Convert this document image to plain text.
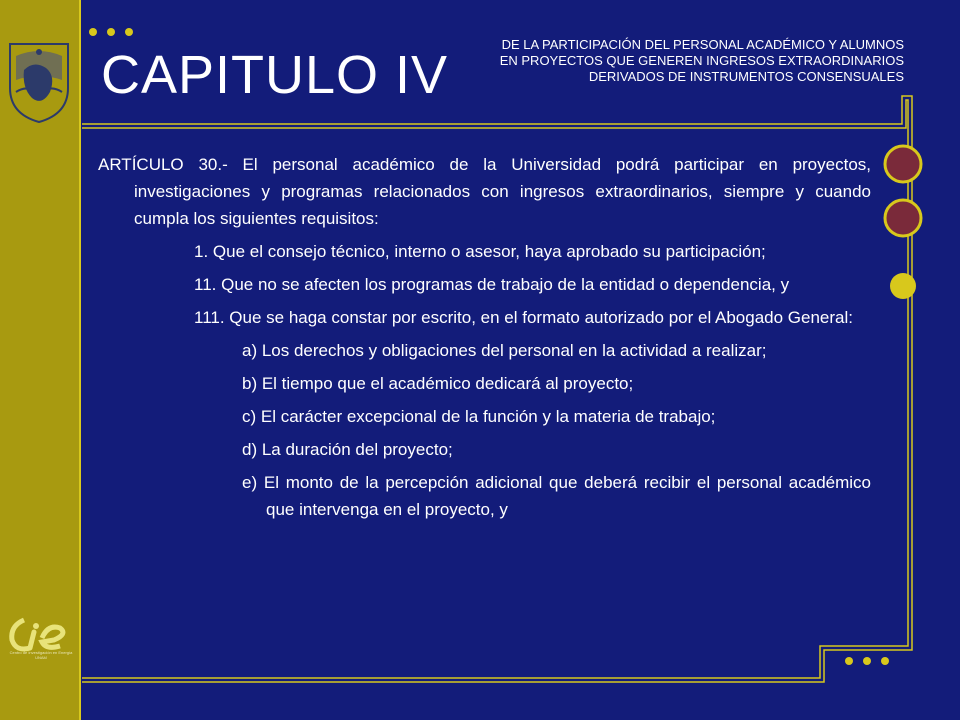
Centro de Investigación en Energía UNAM
CAPITULO IV
DE LA PARTICIPACIÓN DEL PERSONAL ACADÉMICO Y ALUMNOS EN PROYECTOS QUE GENEREN INGRESOS EXTRAORDINARIOS DERIVADOS DE INSTRUMENTOS CONSENSUALES

ARTÍCULO 30.- El personal académico de la Universidad podrá participar en proyectos, investigaciones y programas relacionados con ingresos extraordinarios, siempre y cuando cumpla los siguientes requisitos:

1. Que el consejo técnico, interno o asesor, haya aprobado su participación;

11. Que no se afecten los programas de trabajo de la entidad o dependencia, y

111. Que se haga constar por escrito, en el formato autorizado por el Abogado General:

a) Los derechos y obligaciones del personal en la actividad a realizar;

b) El tiempo que el académico dedicará al proyecto;

c) El carácter excepcional de la función y la materia de trabajo;

d) La duración del proyecto;

e) El monto de la percepción adicional que deberá recibir el personal académico que intervenga en el proyecto, y
